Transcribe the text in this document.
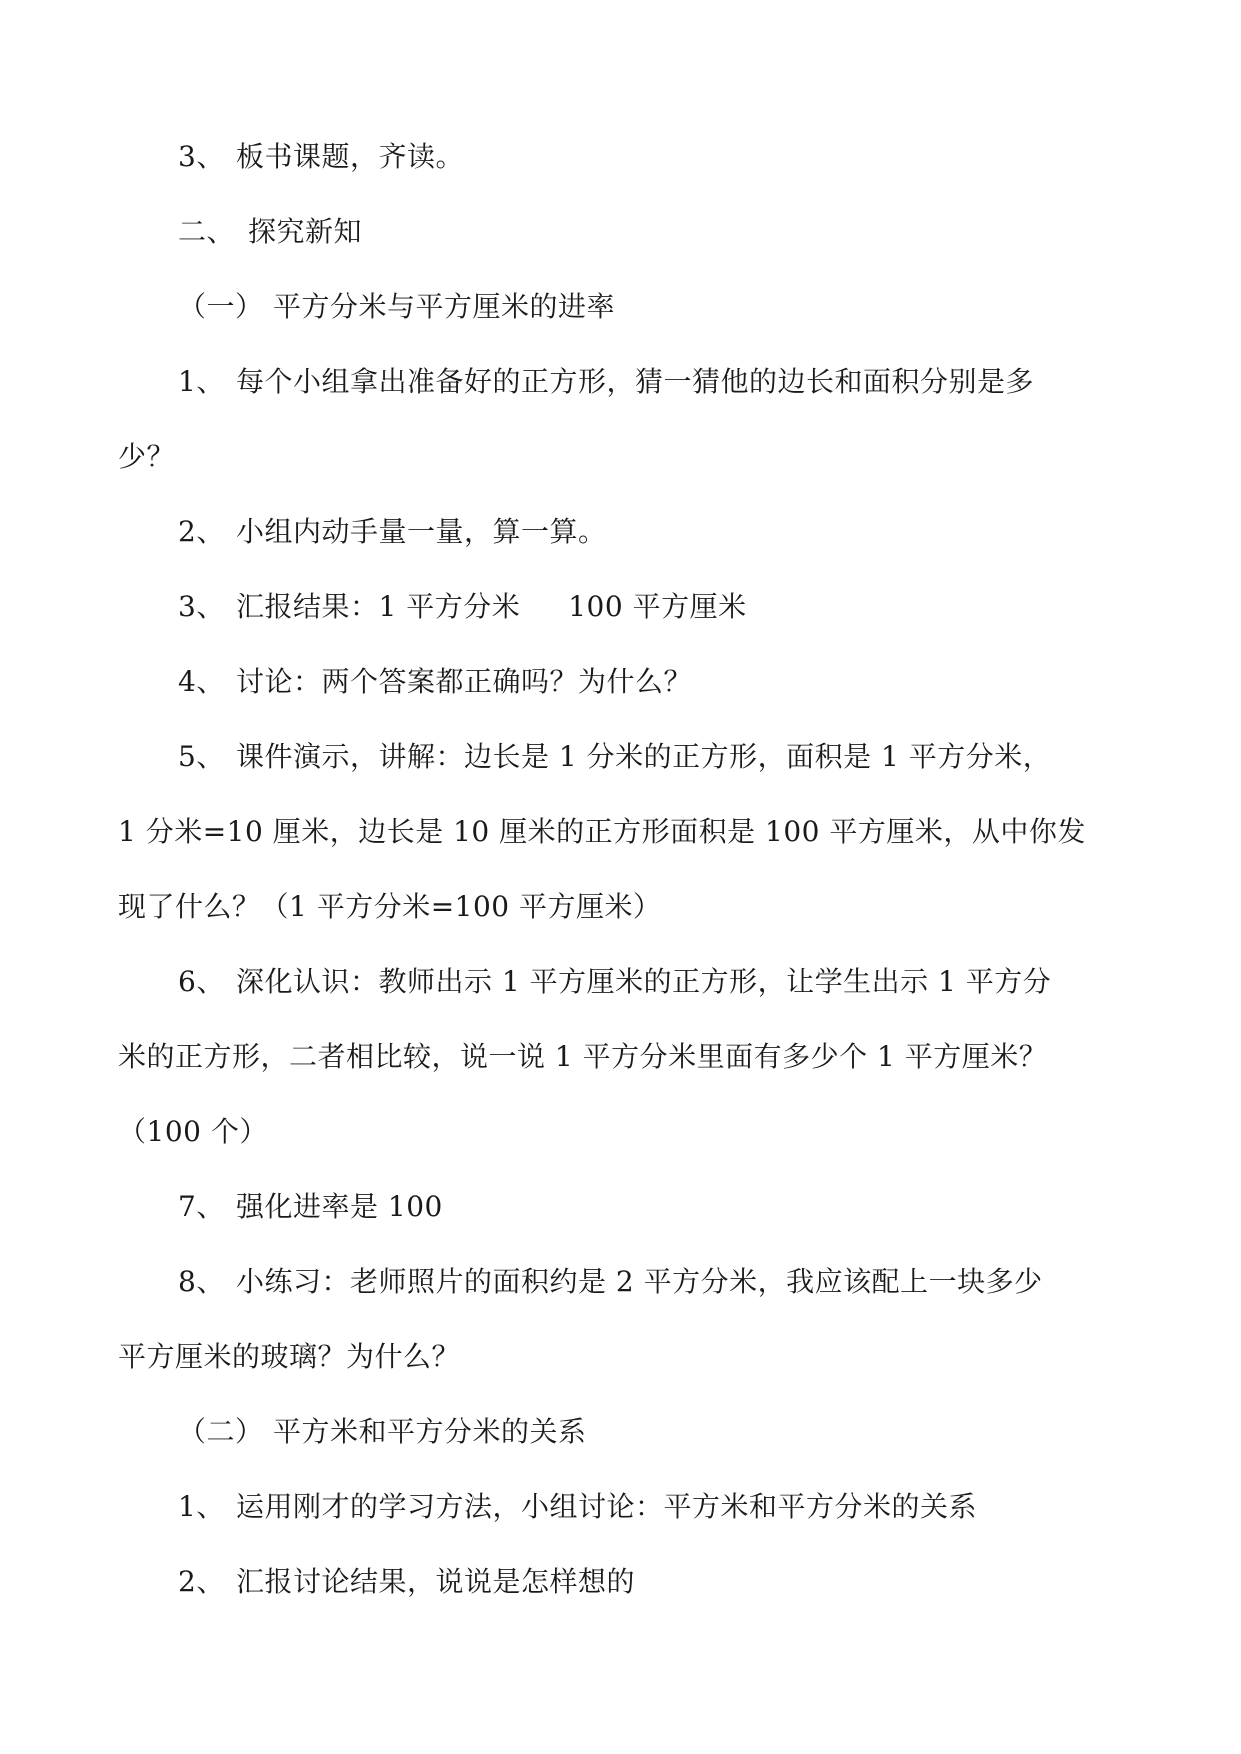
3、 板书课题，齐读。
二、 探究新知
（一） 平方分米与平方厘米的进率
1、 每个小组拿出准备好的正方形，猜一猜他的边长和面积分别是多
少？
2、 小组内动手量一量，算一算。
3、 汇报结果：1 平方分米 100 平方厘米
4、 讨论：两个答案都正确吗？为什么？
5、 课件演示，讲解：边长是 1 分米的正方形，面积是 1 平方分米，
1 分米=10 厘米，边长是 10 厘米的正方形面积是 100 平方厘米，从中你发
现了什么？（1 平方分米=100 平方厘米）
6、 深化认识：教师出示 1 平方厘米的正方形，让学生出示 1 平方分
米的正方形，二者相比较，说一说 1 平方分米里面有多少个 1 平方厘米？
（100 个）
7、 强化进率是 100
8、 小练习：老师照片的面积约是 2 平方分米，我应该配上一块多少
平方厘米的玻璃？为什么？
（二） 平方米和平方分米的关系
1、 运用刚才的学习方法，小组讨论：平方米和平方分米的关系
2、 汇报讨论结果，说说是怎样想的
